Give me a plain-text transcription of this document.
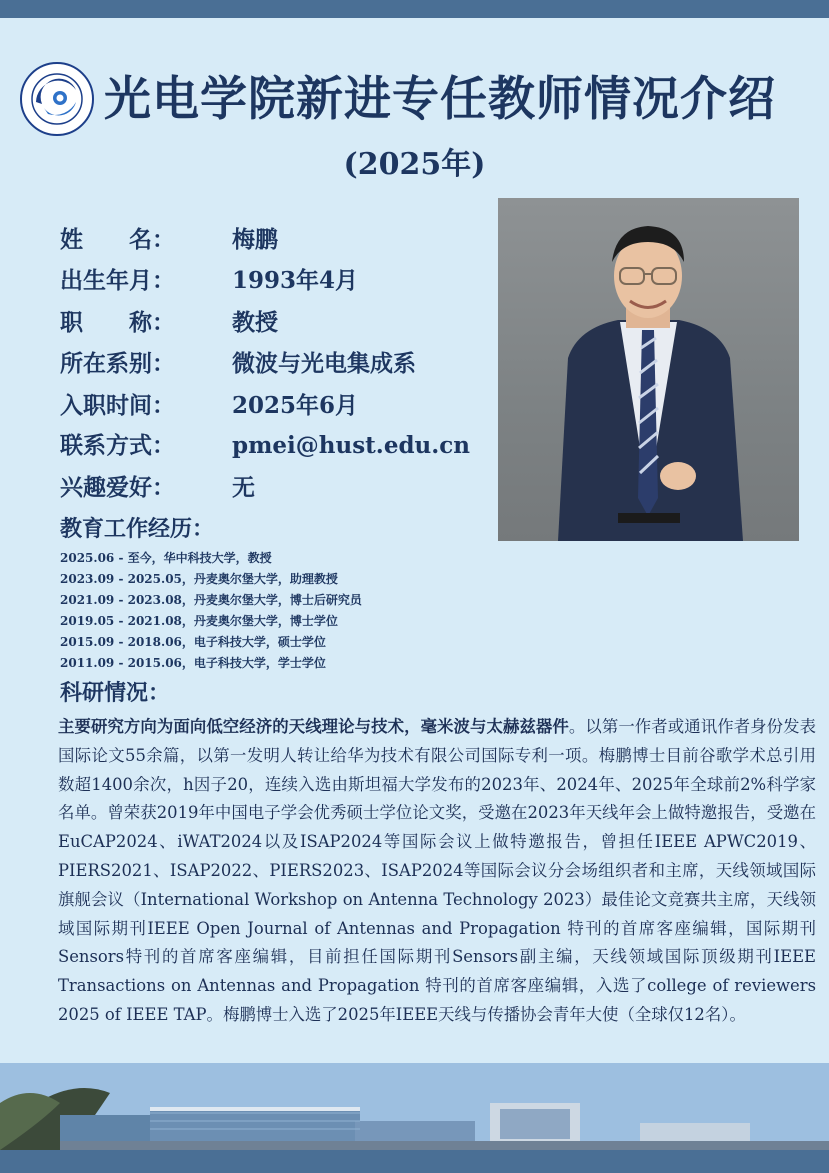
光电学院新进专任教师情况介绍
(2025年)
姓　　名：	梅鹏
出生年月：	1993年4月
职　　称：	教授
所在系别：	微波与光电集成系
入职时间：	2025年6月
联系方式：	pmei@hust.edu.cn
兴趣爱好：	无
教育工作经历：
2025.06 - 至今，华中科技大学，教授
2023.09 - 2025.05，丹麦奥尔堡大学，助理教授
2021.09 - 2023.08，丹麦奥尔堡大学，博士后研究员
2019.05 - 2021.08，丹麦奥尔堡大学，博士学位
2015.09 - 2018.06，电子科技大学，硕士学位
2011.09 - 2015.06，电子科技大学，学士学位
科研情况：
主要研究方向为面向低空经济的天线理论与技术，毫米波与太赫兹器件。以第一作者或通讯作者身份发表国际论文55余篇，以第一发明人转让给华为技术有限公司国际专利一项。梅鹏博士目前谷歌学术总引用数超1400余次，h因子20，连续入选由斯坦福大学发布的2023年、2024年、2025年全球前2%科学家名单。曾荣获2019年中国电子学会优秀硕士学位论文奖，受邀在2023年天线年会上做特邀报告，受邀在EuCAP2024、iWAT2024以及ISAP2024等国际会议上做特邀报告，曾担任IEEE APWC2019、PIERS2021、ISAP2022、PIERS2023、ISAP2024等国际会议分会场组织者和主席，天线领域国际旗舰会议（International Workshop on Antenna Technology 2023）最佳论文竞赛共主席，天线领域国际期刊IEEE Open Journal of Antennas and Propagation 特刊的首席客座编辑，国际期刊Sensors特刊的首席客座编辑，目前担任国际期刊Sensors副主编，天线领域国际顶级期刊IEEE Transactions on Antennas and Propagation 特刊的首席客座编辑，入选了college of reviewers 2025 of IEEE TAP。梅鹏博士入选了2025年IEEE天线与传播协会青年大使（全球仅12名）。
